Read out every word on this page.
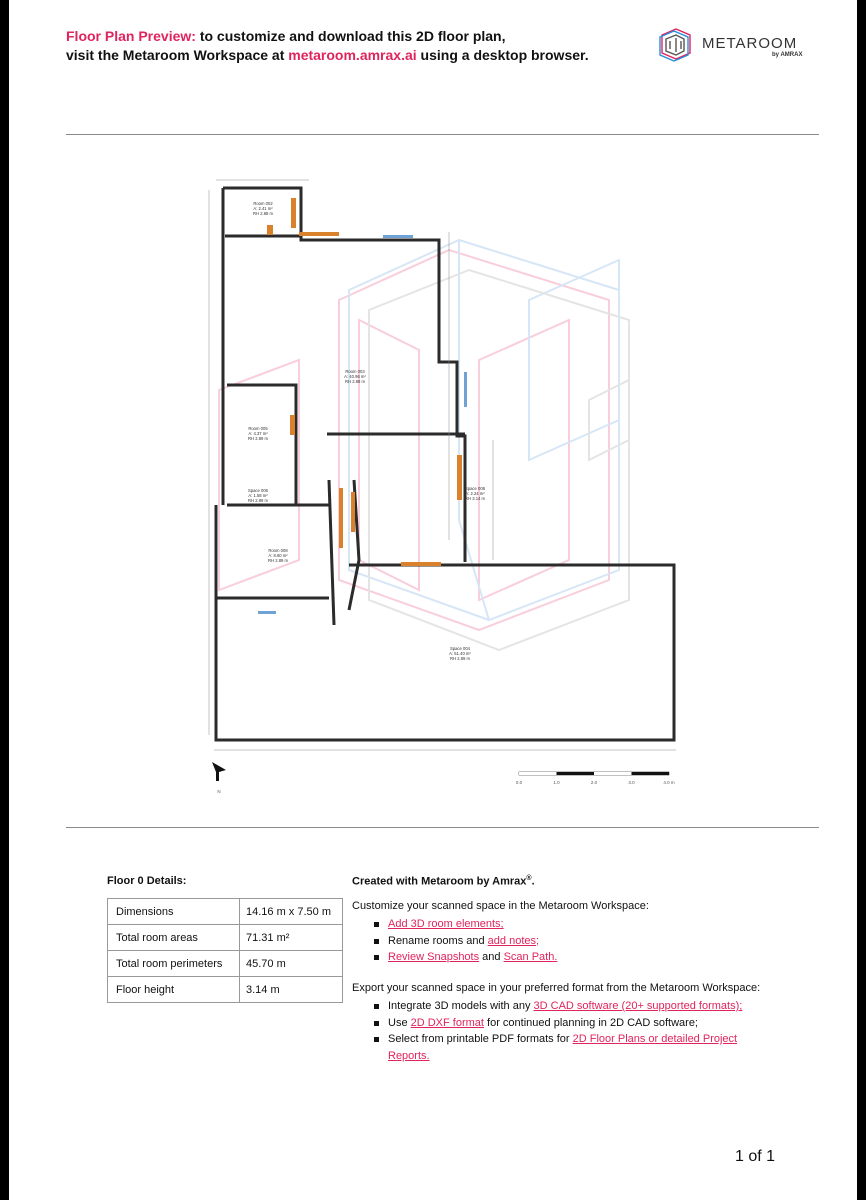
Floor Plan Preview: to customize and download this 2D floor plan,
visit the Metaroom Workspace at metaroom.amrax.ai using a desktop browser.
METAROOM
by AMRAX
Room 002
A: 2.41 m²
RH 2.88 m
Room 003
A: 40.96 m²
RH 2.89 m
Room 005
A: 4.37 m²
RH 2.89 m
Space 006
A: 1.58 m²
RH 2.89 m
Space 008
A: 2.24 m²
RH 3.14 m
Room 008
A: 8.60 m²
RH 2.89 m
Space 004
A: 51.40 m²
RH 2.89 m
N
0.0	1.0	2.0	3.0	4.0 m
Floor 0 Details:
Dimensions	14.16 m x 7.50 m
Total room areas	71.31 m²
Total room perimeters	45.70 m
Floor height	3.14 m
Created with Metaroom by Amrax®.
Customize your scanned space in the Metaroom Workspace:
Add 3D room elements;
Rename rooms and add notes;
Review Snapshots and Scan Path.
Export your scanned space in your preferred format from the Metaroom Workspace:
Integrate 3D models with any 3D CAD software (20+ supported formats);
Use 2D DXF format for continued planning in 2D CAD software;
Select from printable PDF formats for 2D Floor Plans or detailed Project Reports.
1 of 1
